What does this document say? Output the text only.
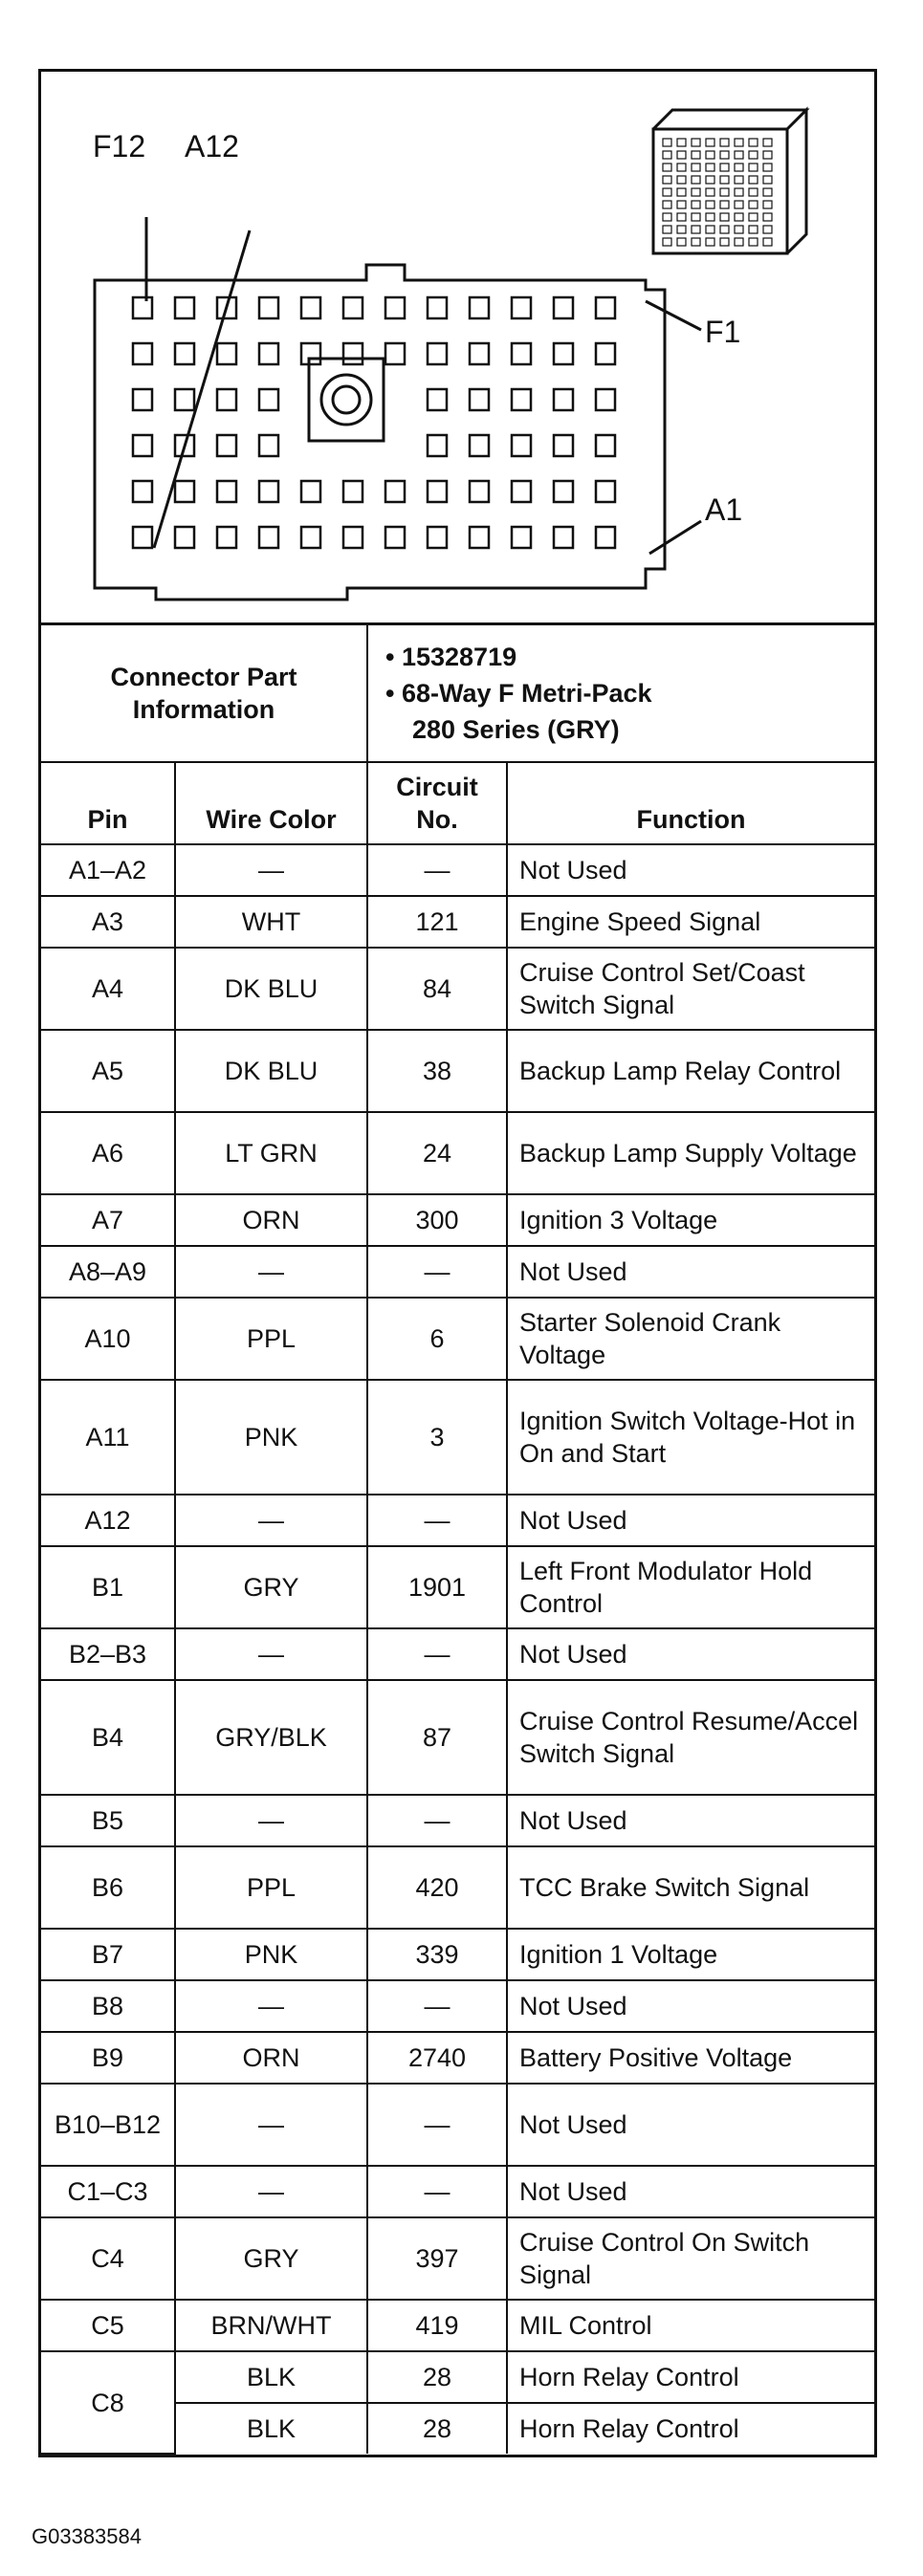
F12 A12
F1
A1
Connector Part Information	
• 15328719
• 68-Way F Metri-Pack
280 Series (GRY)
Pin	Wire Color	Circuit No.	Function
A1–A2	—	—	Not Used
A3	WHT	121	Engine Speed Signal
A4	DK BLU	84	Cruise Control Set/Coast Switch Signal
A5	DK BLU	38	Backup Lamp Relay Control
A6	LT GRN	24	Backup Lamp Supply Voltage
A7	ORN	300	Ignition 3 Voltage
A8–A9	—	—	Not Used
A10	PPL	6	Starter Solenoid Crank Voltage
A11	PNK	3	Ignition Switch Voltage-Hot in On and Start
A12	—	—	Not Used
B1	GRY	1901	Left Front Modulator Hold Control
B2–B3	—	—	Not Used
B4	GRY/BLK	87	Cruise Control Resume/Accel Switch Signal
B5	—	—	Not Used
B6	PPL	420	TCC Brake Switch Signal
B7	PNK	339	Ignition 1 Voltage
B8	—	—	Not Used
B9	ORN	2740	Battery Positive Voltage
B10–B12	—	—	Not Used
C1–C3	—	—	Not Used
C4	GRY	397	Cruise Control On Switch Signal
C5	BRN/WHT	419	MIL Control
C8	BLK	28	Horn Relay Control
	BLK	28	Horn Relay Control
G03383584
